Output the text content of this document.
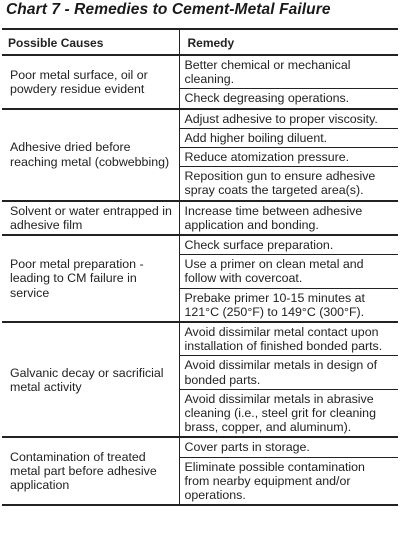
Chart 7 - Remedies to Cement-Metal Failure
Possible Causes	Remedy
Poor metal surface, oil or powdery residue evident	Better chemical or mechanical cleaning.
	Check degreasing operations.
Adhesive dried before reaching metal (cobwebbing)	Adjust adhesive to proper viscosity.
	Add higher boiling diluent.
	Reduce atomization pressure.
	Reposition gun to ensure adhesive spray coats the targeted area(s).
Solvent or water entrapped in adhesive film	Increase time between adhesive application and bonding.
Poor metal preparation - leading to CM failure in service	Check surface preparation.
	Use a primer on clean metal and follow with covercoat.
	Prebake primer 10-15 minutes at 121°C (250°F) to 149°C (300°F).
Galvanic decay or sacrificial metal activity	Avoid dissimilar metal contact upon installation of finished bonded parts.
	Avoid dissimilar metals in design of bonded parts.
	Avoid dissimilar metals in abrasive cleaning (i.e., steel grit for cleaning brass, copper, and aluminum).
Contamination of treated metal part before adhesive application	Cover parts in storage.
	Eliminate possible contamination from nearby equipment and/or operations.
